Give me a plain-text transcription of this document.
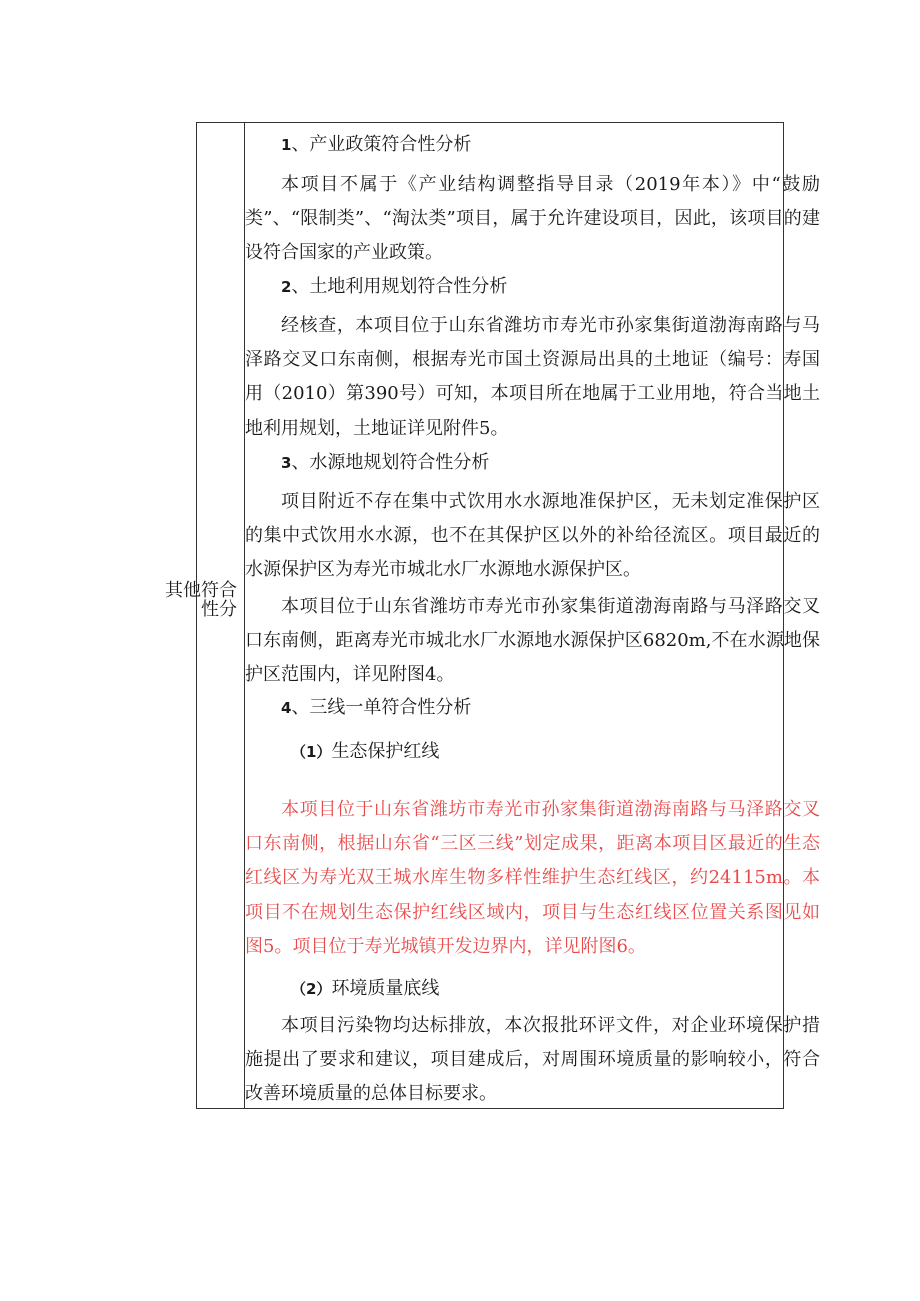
其他符合性分
1、产业政策符合性分析
本项目不属于《产业结构调整指导目录（2019年本）》中“鼓励类”、“限制类”、“淘汰类”项目，属于允许建设项目，因此，该项目的建设符合国家的产业政策。
2、土地利用规划符合性分析
经核查，本项目位于山东省潍坊市寿光市孙家集街道渤海南路与马泽路交叉口东南侧，根据寿光市国土资源局出具的土地证（编号：寿国用（2010）第390号）可知，本项目所在地属于工业用地，符合当地土地利用规划，土地证详见附件5。
3、水源地规划符合性分析
项目附近不存在集中式饮用水水源地准保护区，无未划定准保护区的集中式饮用水水源，也不在其保护区以外的补给径流区。项目最近的水源保护区为寿光市城北水厂水源地水源保护区。
本项目位于山东省潍坊市寿光市孙家集街道渤海南路与马泽路交叉口东南侧，距离寿光市城北水厂水源地水源保护区6820m,不在水源地保护区范围内，详见附图4。
4、三线一单符合性分析
（1）生态保护红线
本项目位于山东省潍坊市寿光市孙家集街道渤海南路与马泽路交叉口东南侧，根据山东省“三区三线”划定成果，距离本项目区最近的生态红线区为寿光双王城水库生物多样性维护生态红线区，约24115m。本项目不在规划生态保护红线区域内，项目与生态红线区位置关系图见如图5。项目位于寿光城镇开发边界内，详见附图6。
（2）环境质量底线
本项目污染物均达标排放，本次报批环评文件，对企业环境保护措施提出了要求和建议，项目建成后，对周围环境质量的影响较小，符合改善环境质量的总体目标要求。
